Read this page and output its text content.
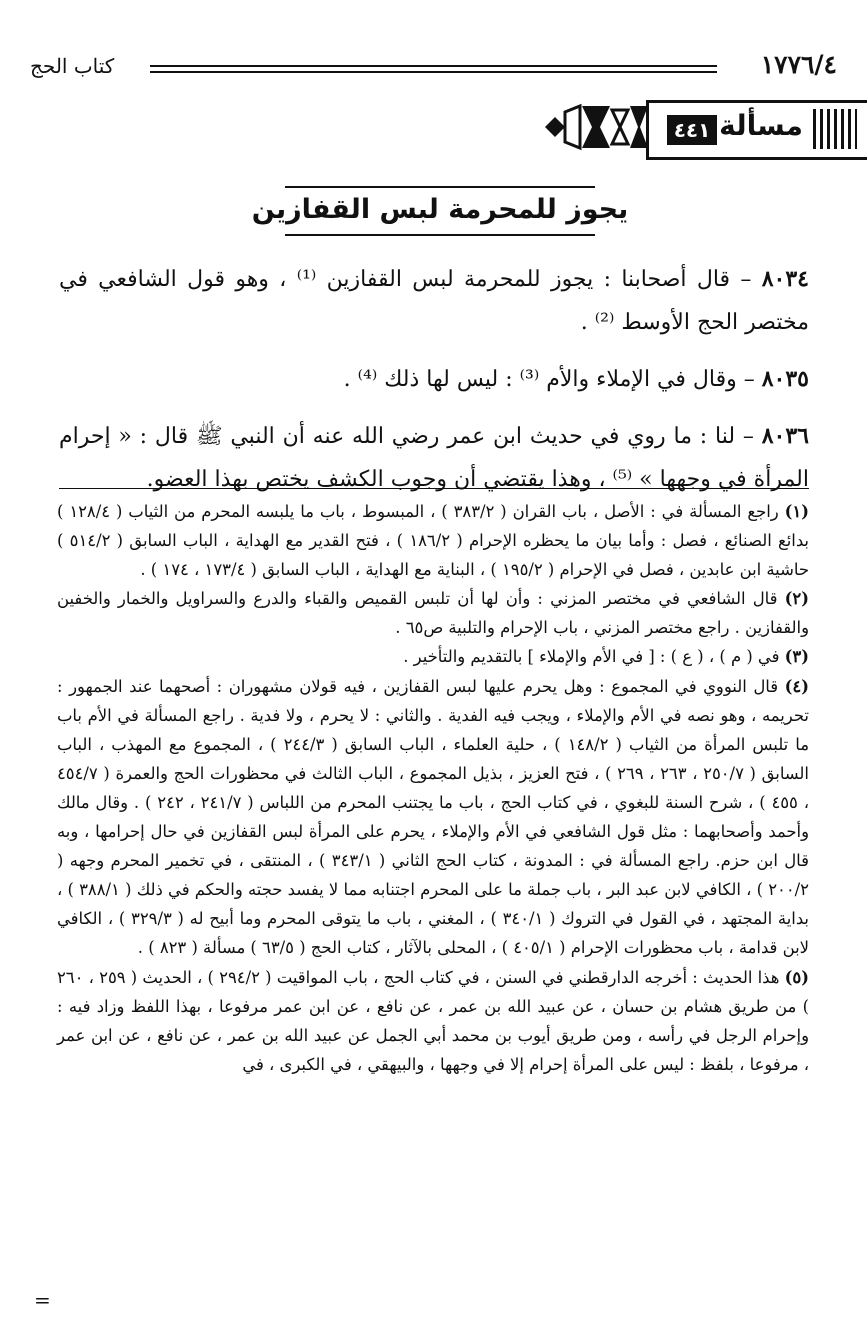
١٧٧٦/٤
كتاب الحج
مسألة
٤٤١
يجوز للمحرمة لبس القفازين

٨٠٣٤ – قال أصحابنا : يجوز للمحرمة لبس القفازين ⁽¹⁾ ، وهو قول الشافعي في مختصر الحج الأوسط ⁽²⁾ .

٨٠٣٥ – وقال في الإملاء والأم ⁽³⁾ : ليس لها ذلك ⁽⁴⁾ .

٨٠٣٦ – لنا : ما روي في حديث ابن عمر رضي الله عنه أن النبي ﷺ قال : « إحرام المرأة في وجهها » ⁽⁵⁾ ، وهذا يقتضي أن وجوب الكشف يختص بهذا العضو.

(١) راجع المسألة في : الأصل ، باب القران ( ٣٨٣/٢ ) ، المبسوط ، باب ما يلبسه المحرم من الثياب ( ١٢٨/٤ ) بدائع الصنائع ، فصل : وأما بيان ما يحظره الإحرام ( ١٨٦/٢ ) ، فتح القدير مع الهداية ، الباب السابق ( ٥١٤/٢ ) حاشية ابن عابدين ، فصل في الإحرام ( ١٩٥/٢ ) ، البناية مع الهداية ، الباب السابق ( ١٧٣/٤ ، ١٧٤ ) .

(٢) قال الشافعي في مختصر المزني : وأن لها أن تلبس القميص والقباء والدرع والسراويل والخمار والخفين والقفازين . راجع مختصر المزني ، باب الإحرام والتلبية ص٦٥ .

(٣) في ( م ) ، ( ع ) : [ في الأم والإملاء ] بالتقديم والتأخير .

(٤) قال النووي في المجموع : وهل يحرم عليها لبس القفازين ، فيه قولان مشهوران : أصحهما عند الجمهور : تحريمه ، وهو نصه في الأم والإملاء ، ويجب فيه الفدية . والثاني : لا يحرم ، ولا فدية . راجع المسألة في الأم باب ما تلبس المرأة من الثياب ( ١٤٨/٢ ) ، حلية العلماء ، الباب السابق ( ٢٤٤/٣ ) ، المجموع مع المهذب ، الباب السابق ( ٢٥٠/٧ ، ٢٦٣ ، ٢٦٩ ) ، فتح العزيز ، بذيل المجموع ، الباب الثالث في محظورات الحج والعمرة ( ٤٥٤/٧ ، ٤٥٥ ) ، شرح السنة للبغوي ، في كتاب الحج ، باب ما يجتنب المحرم من اللباس ( ٢٤١/٧ ، ٢٤٢ ) . وقال مالك وأحمد وأصحابهما : مثل قول الشافعي في الأم والإملاء ، يحرم على المرأة لبس القفازين في حال إحرامها ، وبه قال ابن حزم. راجع المسألة في : المدونة ، كتاب الحج الثاني ( ٣٤٣/١ ) ، المنتقى ، في تخمير المحرم وجهه ( ٢٠٠/٢ ) ، الكافي لابن عبد البر ، باب جملة ما على المحرم اجتنابه مما لا يفسد حجته والحكم في ذلك ( ٣٨٨/١ ) ، بداية المجتهد ، في القول في التروك ( ٣٤٠/١ ) ، المغني ، باب ما يتوقى المحرم وما أبيح له ( ٣٢٩/٣ ) ، الكافي لابن قدامة ، باب محظورات الإحرام ( ٤٠٥/١ ) ، المحلى بالآثار ، كتاب الحج ( ٦٣/٥ ) مسألة ( ٨٢٣ ) .

(٥) هذا الحديث : أخرجه الدارقطني في السنن ، في كتاب الحج ، باب المواقيت ( ٢٩٤/٢ ) ، الحديث ( ٢٥٩ ، ٢٦٠ ) من طريق هشام بن حسان ، عن عبيد الله بن عمر ، عن نافع ، عن ابن عمر مرفوعا ، بهذا اللفظ وزاد فيه : وإحرام الرجل في رأسه ، ومن طريق أيوب بن محمد أبي الجمل عن عبيد الله بن عمر ، عن نافع ، عن ابن عمر ، مرفوعا ، بلفظ : ليس على المرأة إحرام إلا في وجهها ، والبيهقي ، في الكبرى ، في

=
